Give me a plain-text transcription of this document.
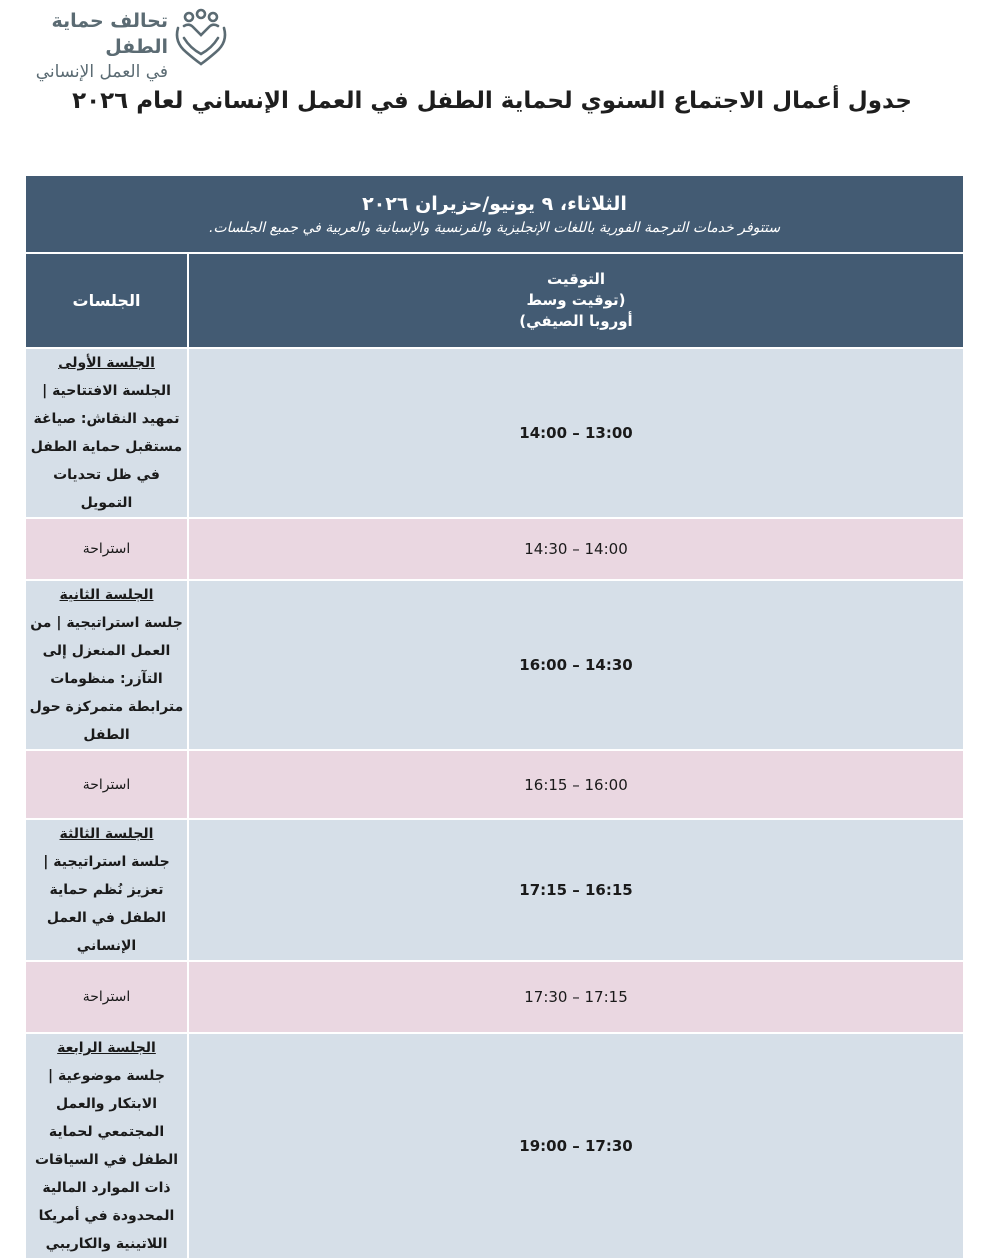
تحالف حماية الطفل
في العمل الإنساني
جدول أعمال الاجتماع السنوي لحماية الطفل في العمل الإنساني لعام ٢٠٢٦
الثلاثاء، ٩ يونيو/حزيران ٢٠٢٦
ستتوفر خدمات الترجمة الفورية باللغات الإنجليزية والفرنسية والإسبانية والعربية في جميع الجلسات.	

التوقيت
(توقيت وسط
أوروبا الصيفي)	الجلسات

13:00 – 14:00	الجلسة الأولى
الجلسة الافتتاحية | تمهيد النقاش: صياغة مستقبل حماية الطفل في ظل تحديات التمويل

14:00 – 14:30	استراحة
14:30 – 16:00	الجلسة الثانية
جلسة استراتيجية | من العمل المنعزل إلى التآزر: منظومات مترابطة متمركزة حول الطفل

16:00 – 16:15	استراحة
16:15 – 17:15	الجلسة الثالثة
جلسة استراتيجية | تعزيز نُظم حماية الطفل في العمل الإنساني

17:15 – 17:30	استراحة
17:30 – 19:00	الجلسة الرابعة
جلسة موضوعية | الابتكار والعمل المجتمعي لحماية الطفل في السياقات ذات الموارد المالية المحدودة في أمريكا اللاتينية والكاريبي
